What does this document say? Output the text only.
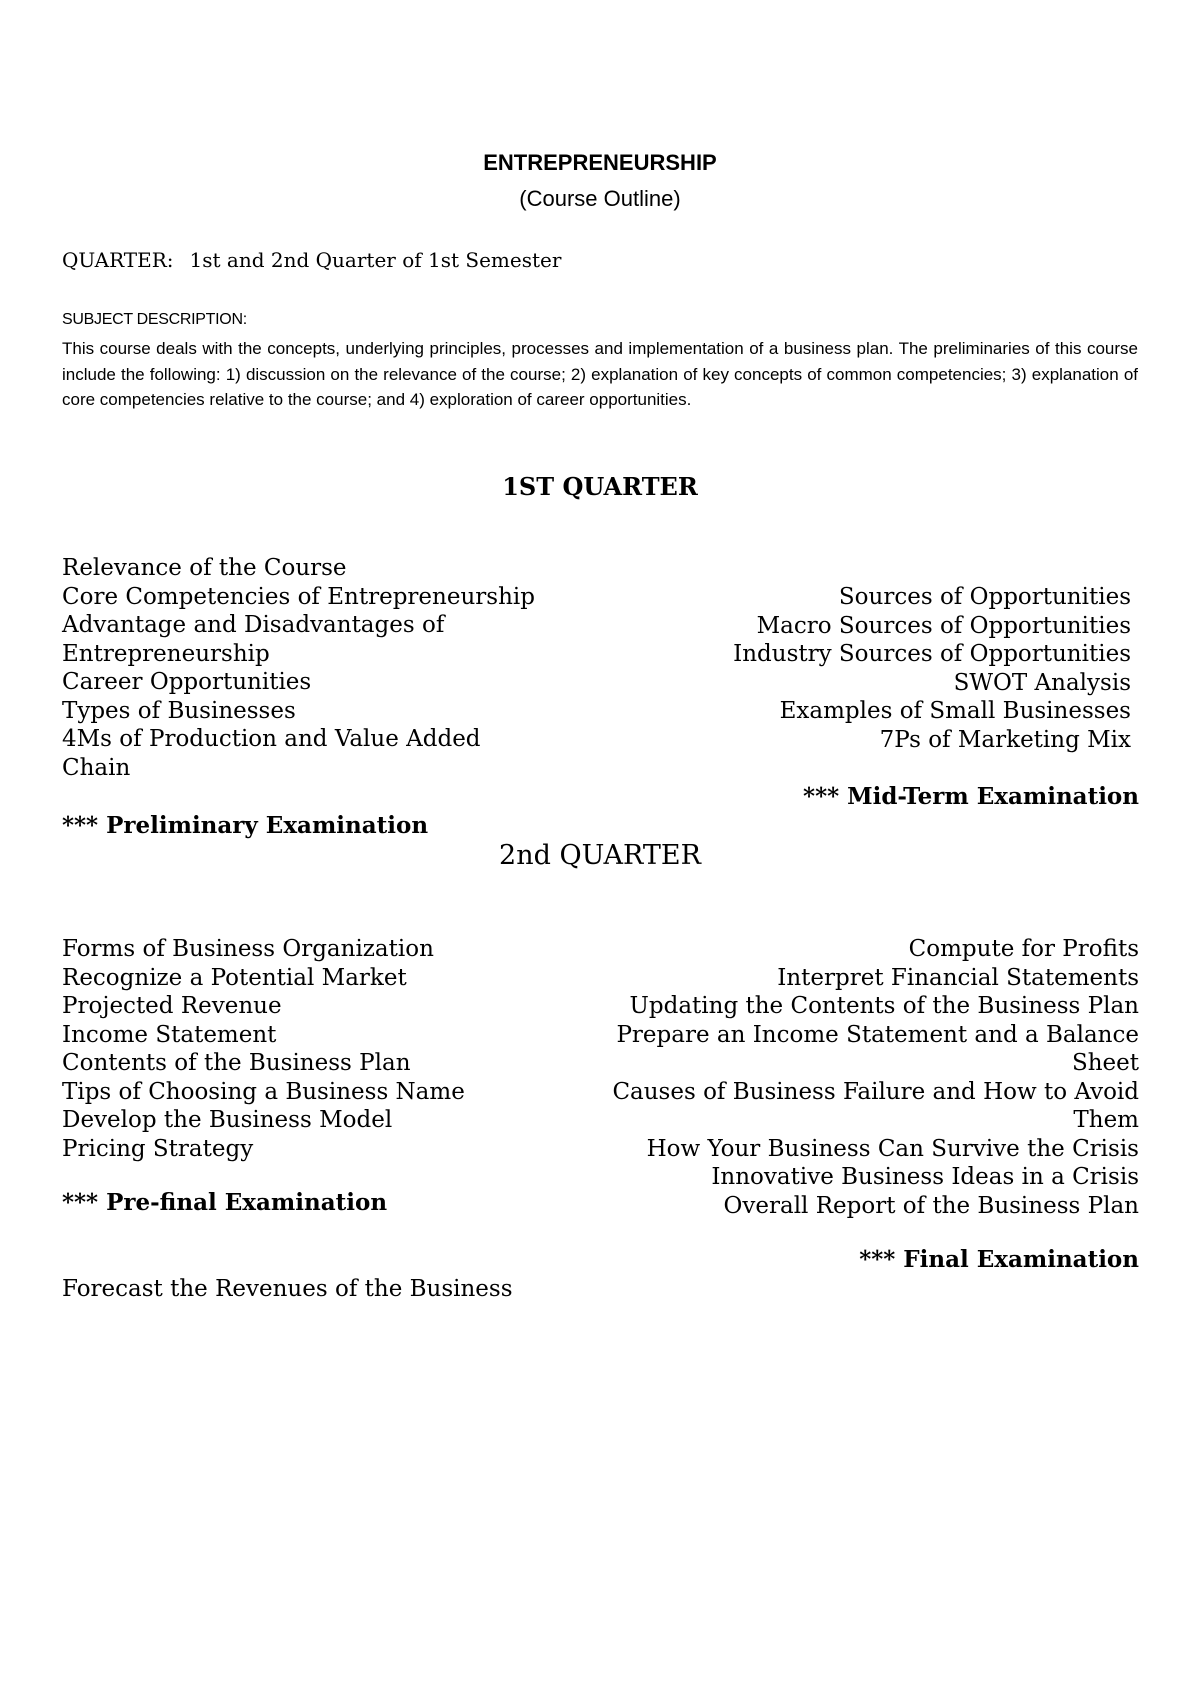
ENTREPRENEURSHIP
(Course Outline)
QUARTER: 1st and 2nd Quarter of 1st Semester
SUBJECT DESCRIPTION:
This course deals with the concepts, underlying principles, processes and implementation of a business plan. The preliminaries of this course include the following: 1) discussion on the relevance of the course; 2) explanation of key concepts of common competencies; 3) explanation of core competencies relative to the course; and 4) exploration of career opportunities.
1ST QUARTER
Relevance of the Course
Core Competencies of Entrepreneurship
Advantage and Disadvantages of
Entrepreneurship
Career Opportunities
Types of Businesses
4Ms of Production and Value Added
Chain
Sources of Opportunities
Macro Sources of Opportunities
Industry Sources of Opportunities
SWOT Analysis
Examples of Small Businesses
7Ps of Marketing Mix
*** Mid-Term Examination
*** Preliminary Examination
2nd QUARTER
Forms of Business Organization
Recognize a Potential Market
Projected Revenue
Income Statement
Contents of the Business Plan
Tips of Choosing a Business Name
Develop the Business Model
Pricing Strategy
Compute for Profits
Interpret Financial Statements
Updating the Contents of the Business Plan
Prepare an Income Statement and a Balance
Sheet
Causes of Business Failure and How to Avoid
Them
How Your Business Can Survive the Crisis
Innovative Business Ideas in a Crisis
Overall Report of the Business Plan
*** Pre-final Examination
*** Final Examination
Forecast the Revenues of the Business
